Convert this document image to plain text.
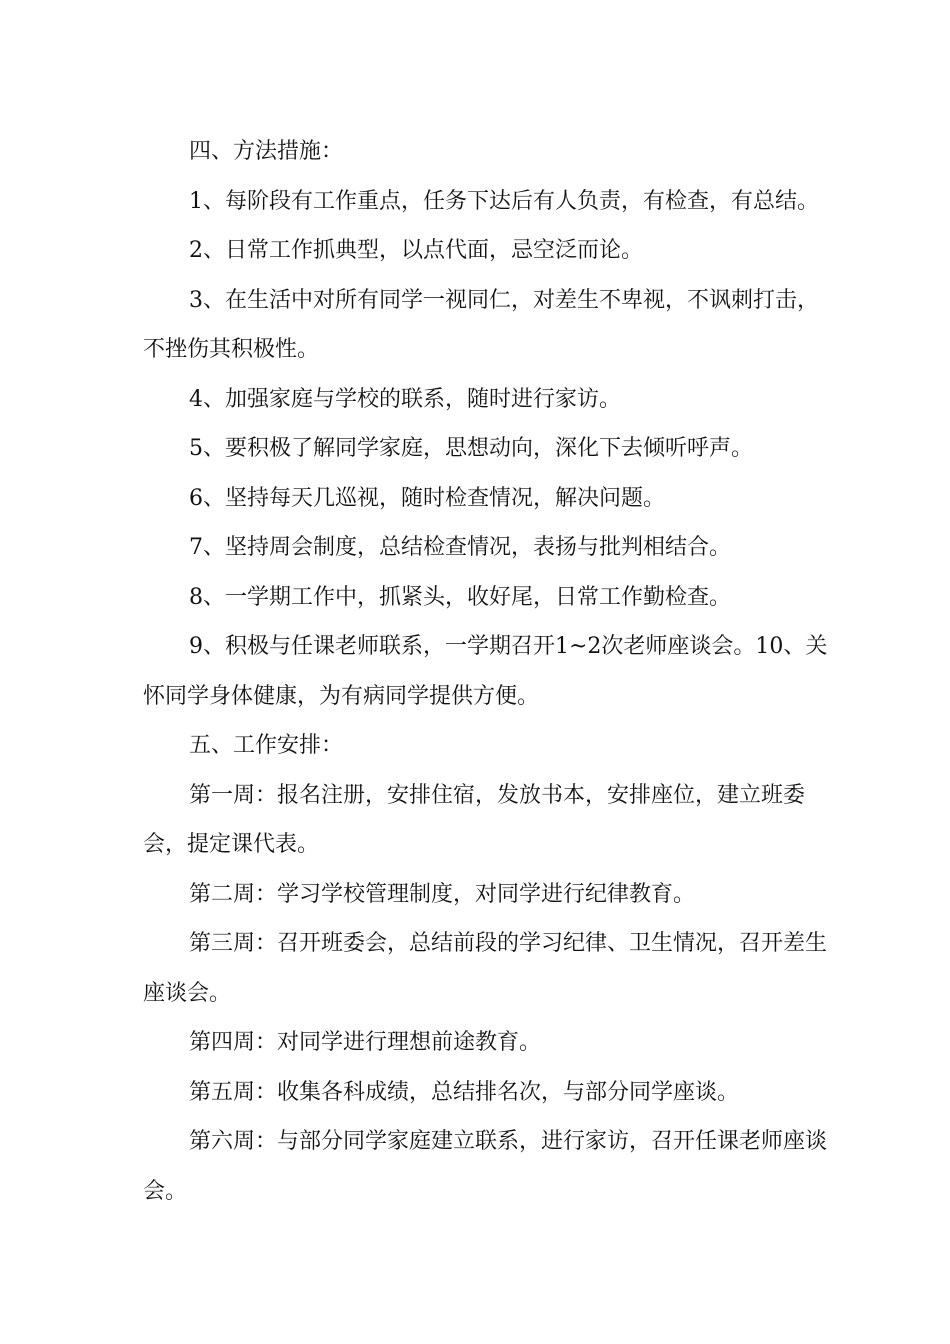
四、方法措施：

1、每阶段有工作重点，任务下达后有人负责，有检查，有总结。

2、日常工作抓典型，以点代面，忌空泛而论。

3、在生活中对所有同学一视同仁，对差生不卑视，不讽刺打击，不挫伤其积极性。

4、加强家庭与学校的联系，随时进行家访。

5、要积极了解同学家庭，思想动向，深化下去倾听呼声。

6、坚持每天几巡视，随时检查情况，解决问题。

7、坚持周会制度，总结检查情况，表扬与批判相结合。

8、一学期工作中，抓紧头，收好尾，日常工作勤检查。

9、积极与任课老师联系，一学期召开1~2次老师座谈会。10、关怀同学身体健康，为有病同学提供方便。

五、工作安排：

第一周：报名注册，安排住宿，发放书本，安排座位，建立班委会，提定课代表。

第二周：学习学校管理制度，对同学进行纪律教育。

第三周：召开班委会，总结前段的学习纪律、卫生情况，召开差生座谈会。

第四周：对同学进行理想前途教育。

第五周：收集各科成绩，总结排名次，与部分同学座谈。

第六周：与部分同学家庭建立联系，进行家访，召开任课老师座谈会。
